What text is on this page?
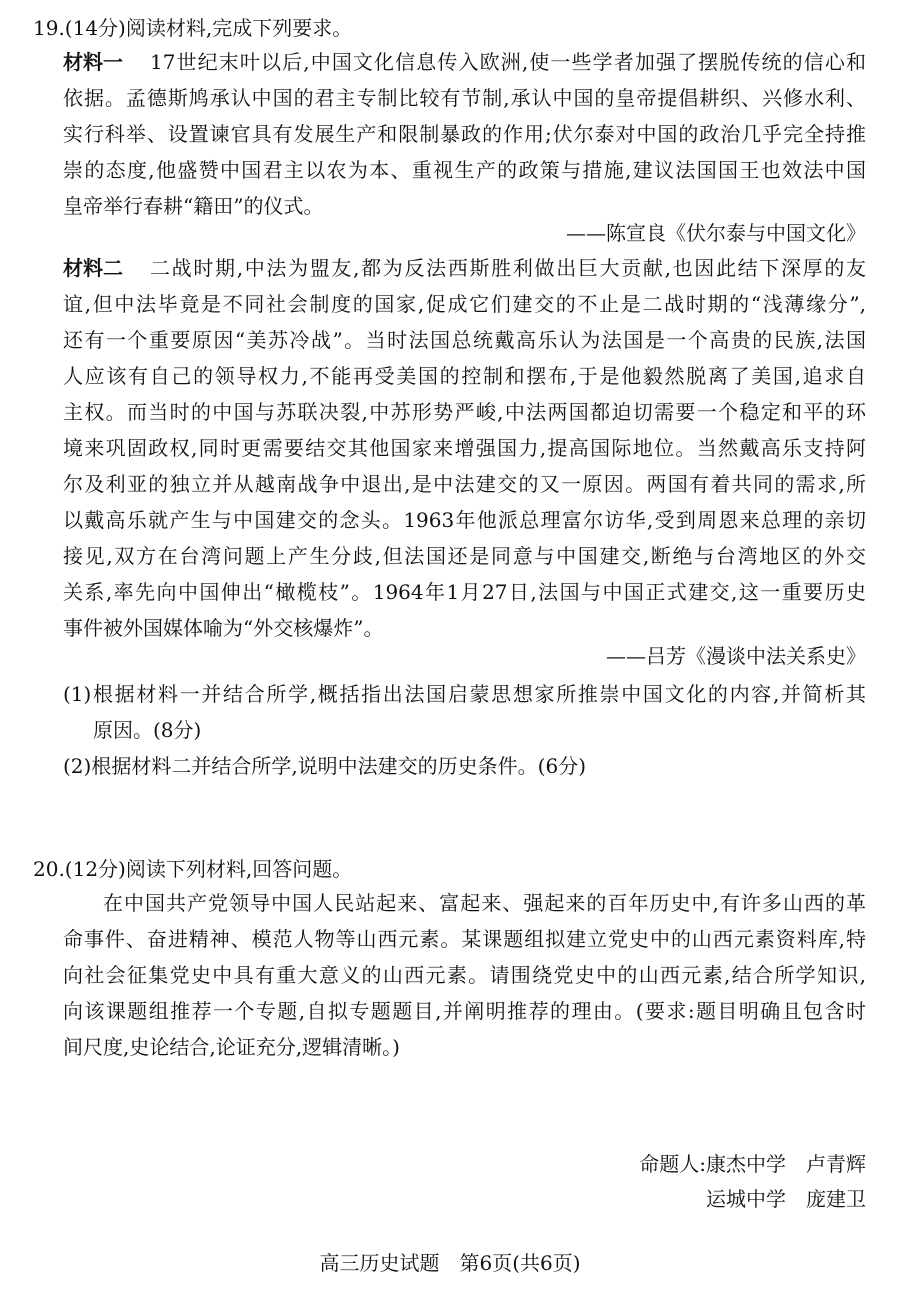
19.(14分)阅读材料,完成下列要求。
材料一 17世纪末叶以后,中国文化信息传入欧洲,使一些学者加强了摆脱传统的信心和
依据。孟德斯鸠承认中国的君主专制比较有节制,承认中国的皇帝提倡耕织、兴修水利、
实行科举、设置谏官具有发展生产和限制暴政的作用;伏尔泰对中国的政治几乎完全持推
崇的态度,他盛赞中国君主以农为本、重视生产的政策与措施,建议法国国王也效法中国
皇帝举行春耕“籍田”的仪式。
——陈宣良《伏尔泰与中国文化》
材料二 二战时期,中法为盟友,都为反法西斯胜利做出巨大贡献,也因此结下深厚的友
谊,但中法毕竟是不同社会制度的国家,促成它们建交的不止是二战时期的“浅薄缘分”,
还有一个重要原因“美苏冷战”。当时法国总统戴高乐认为法国是一个高贵的民族,法国
人应该有自己的领导权力,不能再受美国的控制和摆布,于是他毅然脱离了美国,追求自
主权。而当时的中国与苏联决裂,中苏形势严峻,中法两国都迫切需要一个稳定和平的环
境来巩固政权,同时更需要结交其他国家来增强国力,提高国际地位。当然戴高乐支持阿
尔及利亚的独立并从越南战争中退出,是中法建交的又一原因。两国有着共同的需求,所
以戴高乐就产生与中国建交的念头。1963年他派总理富尔访华,受到周恩来总理的亲切
接见,双方在台湾问题上产生分歧,但法国还是同意与中国建交,断绝与台湾地区的外交
关系,率先向中国伸出“橄榄枝”。1964年1月27日,法国与中国正式建交,这一重要历史
事件被外国媒体喻为“外交核爆炸”。
——吕芳《漫谈中法关系史》
(1)根据材料一并结合所学,概括指出法国启蒙思想家所推崇中国文化的内容,并简析其
原因。(8分)
(2)根据材料二并结合所学,说明中法建交的历史条件。(6分)
20.(12分)阅读下列材料,回答问题。
在中国共产党领导中国人民站起来、富起来、强起来的百年历史中,有许多山西的革
命事件、奋进精神、模范人物等山西元素。某课题组拟建立党史中的山西元素资料库,特
向社会征集党史中具有重大意义的山西元素。请围绕党史中的山西元素,结合所学知识,
向该课题组推荐一个专题,自拟专题题目,并阐明推荐的理由。(要求:题目明确且包含时
间尺度,史论结合,论证充分,逻辑清晰。)
命题人:康杰中学　卢青辉
运城中学　庞建卫
高三历史试题　第6页(共6页)
